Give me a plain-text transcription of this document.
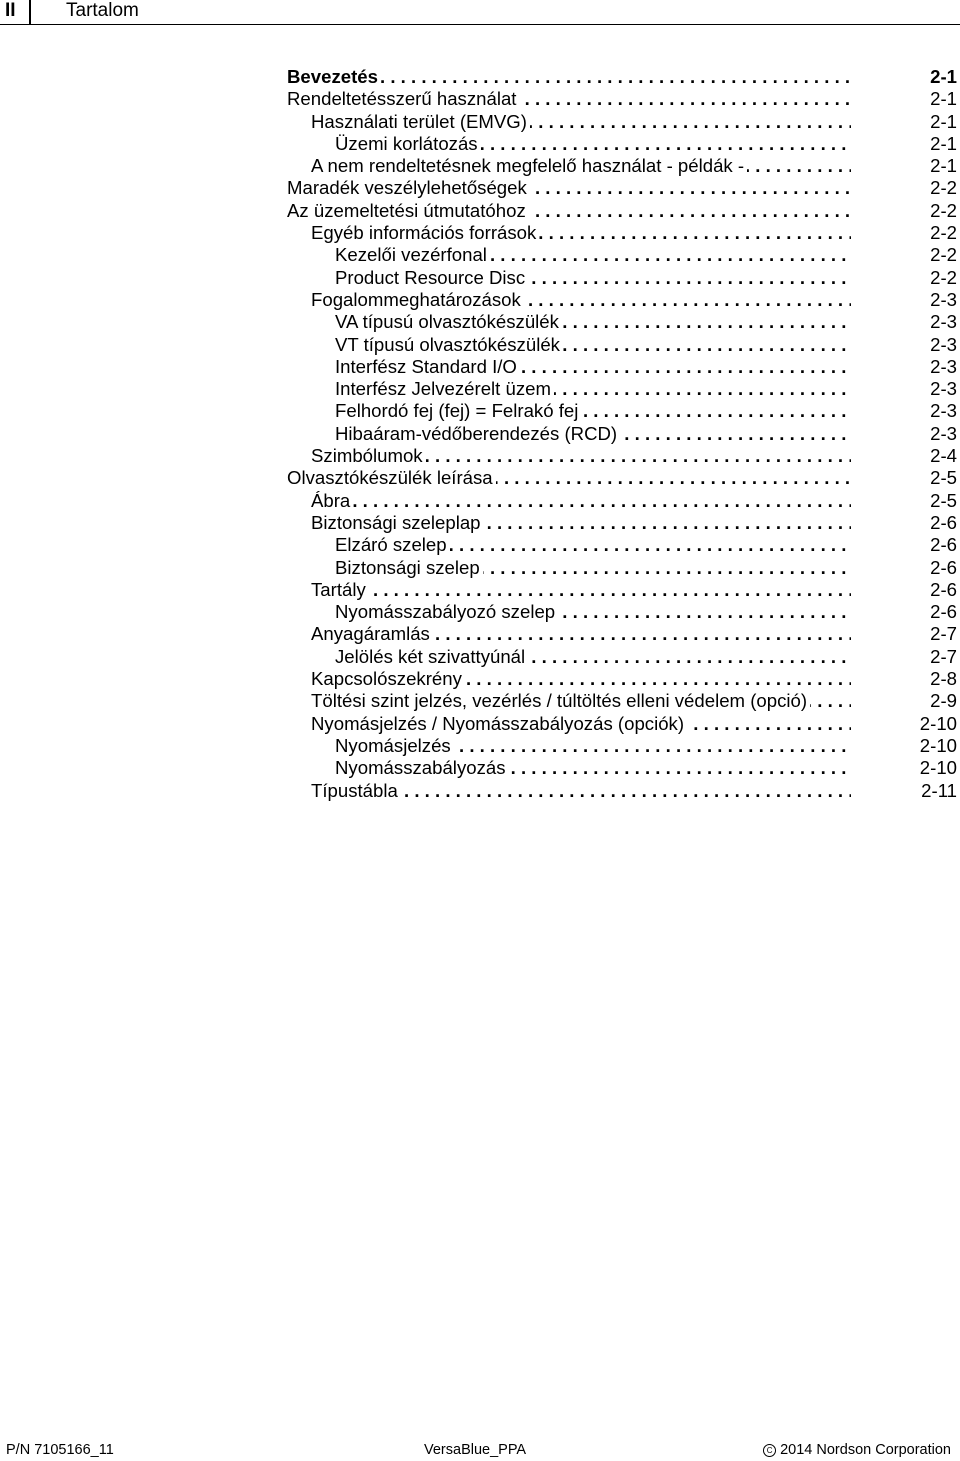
II	Tartalom
Bevezetés . . .	2-1
Rendeltetésszerű használat . . .	2-1
Használati terület (EMVG) . . .	2-1
Üzemi korlátozás . . .	2-1
A nem rendeltetésnek megfelelő használat - példák - . . .	2-1
Maradék veszélylehetőségek . . .	2-2
Az üzemeltetési útmutatóhoz . . .	2-2
Egyéb információs források . . .	2-2
Kezelői vezérfonal . . .	2-2
Product Resource Disc . . .	2-2
Fogalommeghatározások . . .	2-3
VA típusú olvasztókészülék . . .	2-3
VT típusú olvasztókészülék . . .	2-3
Interfész Standard I/O . . .	2-3
Interfész Jelvezérelt üzem . . .	2-3
Felhordó fej (fej) = Felrakó fej . . .	2-3
Hibaáram-védőberendezés (RCD) . . .	2-3
Szimbólumok . . .	2-4
Olvasztókészülék leírása . . .	2-5
Ábra . . .	2-5
Biztonsági szeleplap . . .	2-6
Elzáró szelep . . .	2-6
Biztonsági szelep . . .	2-6
Tartály . . .	2-6
Nyomásszabályozó szelep . . .	2-6
Anyagáramlás . . .	2-7
Jelölés két szivattyúnál . . .	2-7
Kapcsolószekrény . . .	2-8
Töltési szint jelzés, vezérlés / túltöltés elleni védelem (opció) . . .	2-9
Nyomásjelzés / Nyomásszabályozás (opciók) . . .	2-10
Nyomásjelzés . . .	2-10
Nyomásszabályozás . . .	2-10
Típustábla . . .	2-11
P/N 7105166_11	VersaBlue_PPA	C 2014 Nordson Corporation
